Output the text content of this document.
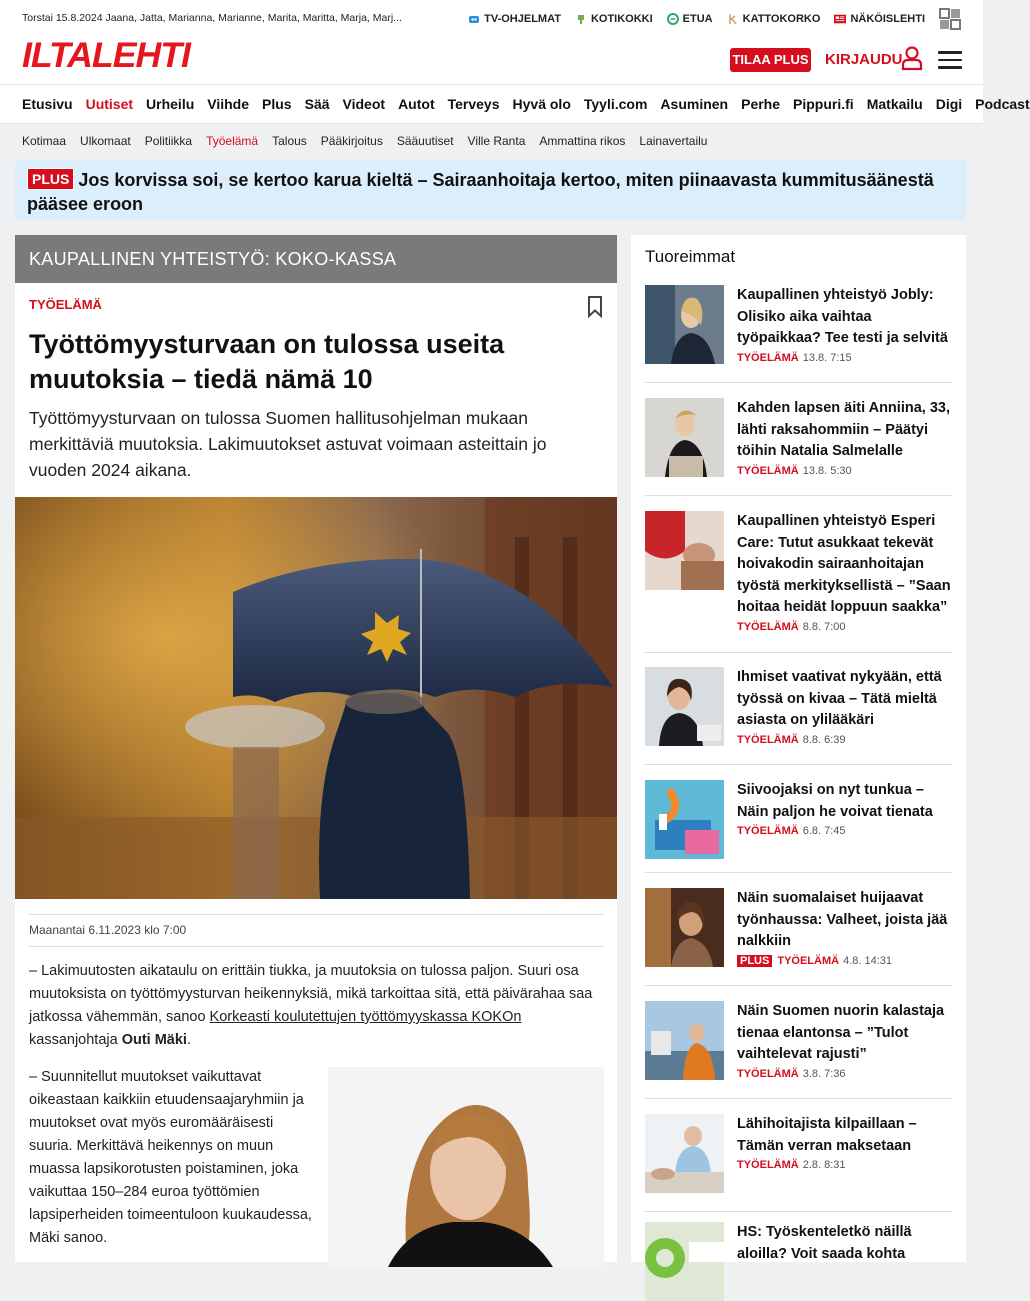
Torstai 15.8.2024 Jaana, Jatta, Marianna, Marianne, Marita, Maritta, Marja, Marj...	TV-OHJELMAT	KOTIKOKKI	ETUA	KATTOKORKO	NÄKÖISLEHTI
ILTALEHTI	TILAA PLUS KIRJAUDU
Etusivu Uutiset Urheilu Viihde Plus Sää Videot Autot Terveys Hyvä olo Tyyli.com Asuminen Perhe Pippuri.fi Matkailu Digi Podcast
Kotimaa Ulkomaat Politiikka Työelämä Talous Pääkirjoitus Sääuutiset Ville Ranta Ammattina rikos Lainavertailu
PLUS Jos korvissa soi, se kertoo karua kieltä – Sairaanhoitaja kertoo, miten piinaavasta kummitusäänestä pääsee eroon
KAUPALLINEN YHTEISTYÖ: KOKO-KASSA
TYÖELÄMÄ
Työttömyysturvaan on tulossa useita muutoksia – tiedä nämä 10

Työttömyysturvaan on tulossa Suomen hallitusohjelman mukaan merkittäviä muutoksia. Lakimuutokset astuvat voimaan asteittain jo vuoden 2024 aikana.

Maanantai 6.11.2023 klo 7:00

– Lakimuutosten aikataulu on erittäin tiukka, ja muutoksia on tulossa paljon. Suuri osa muutoksista on työttömyysturvan heikennyksiä, mikä tarkoittaa sitä, että päivärahaa saa jatkossa vähemmän, sanoo Korkeasti koulutettujen työttömyyskassa KOKOn kassanjohtaja Outi Mäki.

– Suunnitellut muutokset vaikuttavat oikeastaan kaikkiin etuudensaajaryhmiin ja muutokset ovat myös euromääräisesti suuria. Merkittävä heikennys on muun muassa lapsikorotusten poistaminen, joka vaikuttaa 150–284 euroa työttömien lapsiperheiden toimeentuloon kuukaudessa, Mäki sanoo.

Tuoreimmat
Kaupallinen yhteistyö Jobly: Olisiko aika vaihtaa työpaikkaa? Tee testi ja selvitä
TYÖELÄMÄ 13.8. 7:15
Kahden lapsen äiti Anniina, 33, lähti raksahommiin – Päätyi töihin Natalia Salmelalle
TYÖELÄMÄ 13.8. 5:30
Kaupallinen yhteistyö Esperi Care: Tutut asukkaat tekevät hoivakodin sairaanhoitajan työstä merkityksellistä – ”Saan hoitaa heidät loppuun saakka”
TYÖELÄMÄ 8.8. 7:00
Ihmiset vaativat nykyään, että työssä on kivaa – Tätä mieltä asiasta on ylilääkäri
TYÖELÄMÄ 8.8. 6:39
Siivoojaksi on nyt tunkua – Näin paljon he voivat tienata
TYÖELÄMÄ 6.8. 7:45
Näin suomalaiset huijaavat työnhaussa: Valheet, joista jää nalkkiin
PLUS TYÖELÄMÄ 4.8. 14:31
Näin Suomen nuorin kalastaja tienaa elantonsa – ”Tulot vaihtelevat rajusti”
TYÖELÄMÄ 3.8. 7:36
Lähihoitajista kilpaillaan – Tämän verran maksetaan
TYÖELÄMÄ 2.8. 8:31
HS: Työskenteletkö näillä aloilla? Voit saada kohta
